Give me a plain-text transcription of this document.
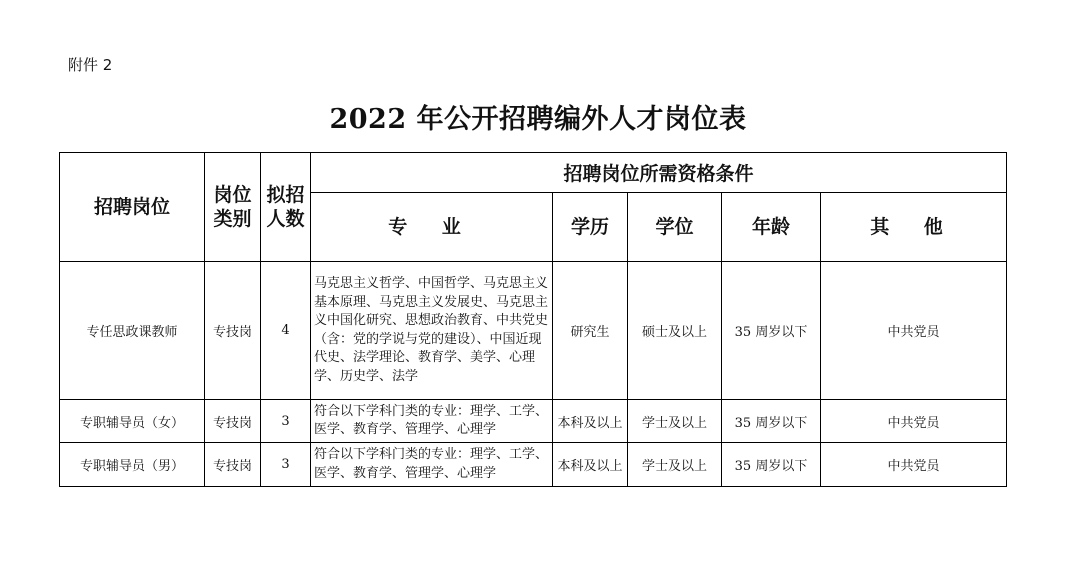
附件 2
2022 年公开招聘编外人才岗位表
招聘岗位	岗位类别	拟招人数	招聘岗位所需资格条件				
			专 业	学历	学位	年龄	其 他
专任思政课教师	专技岗	4	马克思主义哲学、中国哲学、马克思主义基本原理、马克思主义发展史、马克思主义中国化研究、思想政治教育、中共党史（含：党的学说与党的建设）、中国近现代史、法学理论、教育学、美学、心理学、历史学、法学	研究生	硕士及以上	35 周岁以下	中共党员
专职辅导员（女）	专技岗	3	符合以下学科门类的专业：理学、工学、医学、教育学、管理学、心理学	本科及以上	学士及以上	35 周岁以下	中共党员
专职辅导员（男）	专技岗	3	符合以下学科门类的专业：理学、工学、医学、教育学、管理学、心理学	本科及以上	学士及以上	35 周岁以下	中共党员
